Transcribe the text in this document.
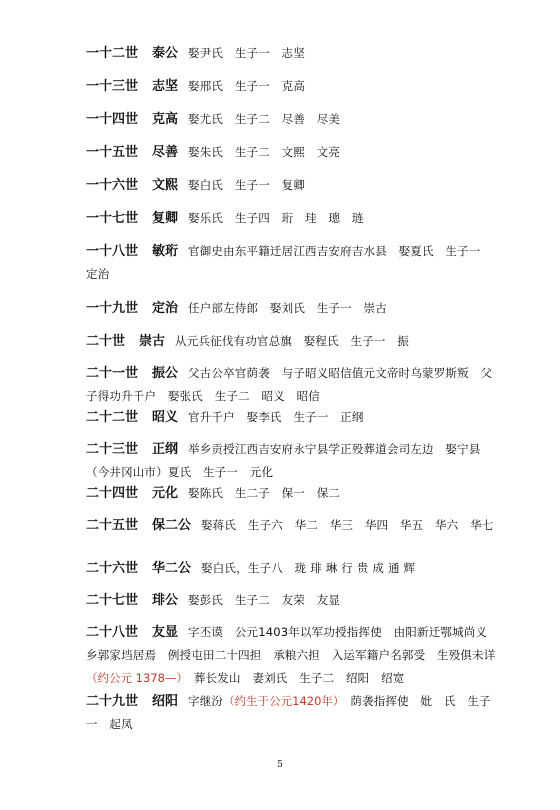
一十二世 泰公 娶尹氏　生子一　志坚
一十三世 志坚 娶邢氏　生子一　克高
一十四世 克高 娶尤氏　生子二　尽善　尽美
一十五世 尽善 娶朱氏　生子二　文熙　文亮
一十六世 文熙 娶白氏　生子一　复卿
一十七世 复卿 娶乐氏　生子四　珩　珪　璁　琏
一十八世 敏珩 官御史由东平籍迁居江西吉安府吉水县　娶夏氏　生子一　定治
一十九世 定治 任户部左侍郎　娶刘氏　生子一　崇古
二十世 崇古 从元兵征伐有功官总旗　娶程氏　生子一　振
二十一世 振公 父古公卒官荫袭　与子昭义昭信值元文帝时乌蒙罗斯叛　父子得功升千户　娶张氏　生子二　昭义　昭信
二十二世 昭义 官升千户　娶李氏　生子一　正纲
二十三世 正纲 举乡贡授江西吉安府永宁县学正殁葬道会司左边　娶宁县（今井冈山市）夏氏　生子一　元化
二十四世 元化 娶陈氏　生二子　保一　保二
二十五世 保二公 娶蒋氏　生子六　华二　华三　华四　华五　华六　华七
二十六世 华二公 娶白氏，生子八　珑 琲 琳 行 贵 成 通 辉
二十七世 琲公 娶彭氏　生子二　友荣　友显
二十八世 友显 字丕谟　公元1403年以军功授指挥使　由阳新迁鄂城尚义乡郭家垱居焉　例授屯田二十四担　承粮六担　入运军籍户名郭受　生殁俱未详（约公元 1378—）　葬长发山　妻刘氏　生子二　绍阳　绍宽
二十九世 绍阳 字继汾（约生于公元1420年）　荫袭指挥使　妣　氏　生子一　起凤
5
